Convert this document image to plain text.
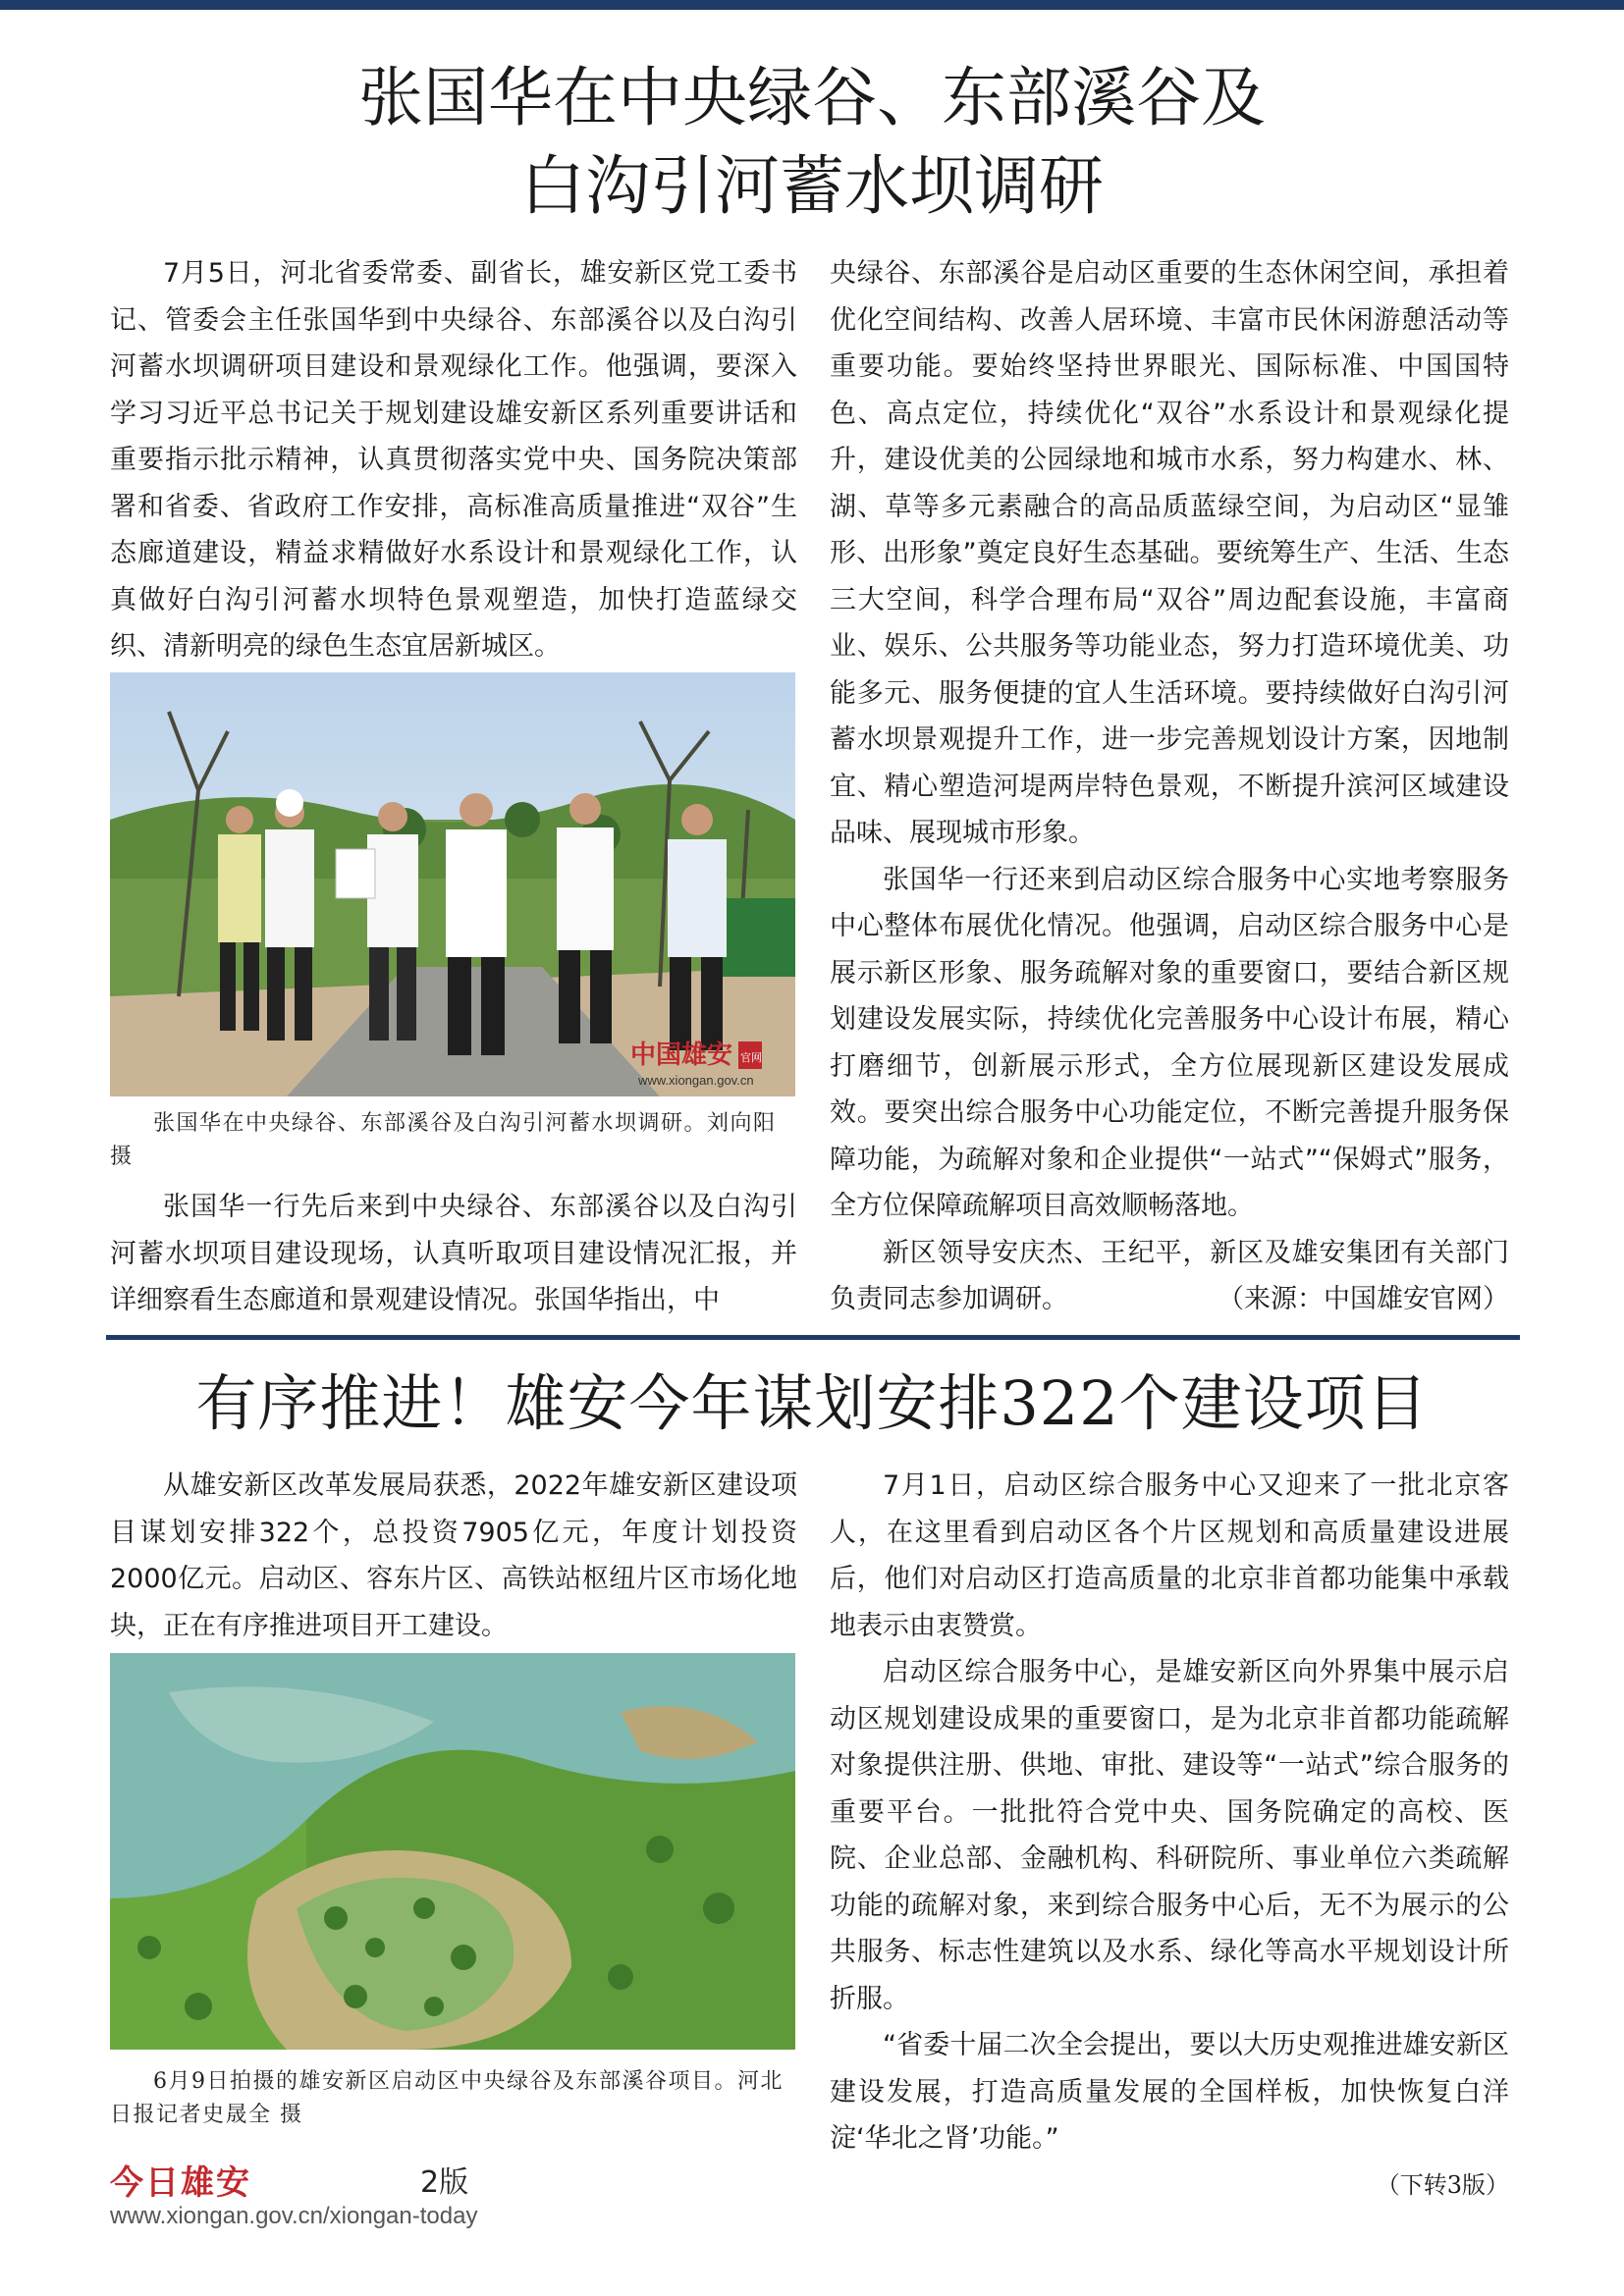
张国华在中央绿谷、东部溪谷及
白沟引河蓄水坝调研

7月5日，河北省委常委、副省长，雄安新区党工委书记、管委会主任张国华到中央绿谷、东部溪谷以及白沟引河蓄水坝调研项目建设和景观绿化工作。他强调，要深入学习习近平总书记关于规划建设雄安新区系列重要讲话和重要指示批示精神，认真贯彻落实党中央、国务院决策部署和省委、省政府工作安排，高标准高质量推进“双谷”生态廊道建设，精益求精做好水系设计和景观绿化工作，认真做好白沟引河蓄水坝特色景观塑造，加快打造蓝绿交织、清新明亮的绿色生态宜居新城区。

中国雄安 官网
www.xiongan.gov.cn
张国华在中央绿谷、东部溪谷及白沟引河蓄水坝调研。刘向阳 摄

张国华一行先后来到中央绿谷、东部溪谷以及白沟引河蓄水坝项目建设现场，认真听取项目建设情况汇报，并详细察看生态廊道和景观建设情况。张国华指出，中

央绿谷、东部溪谷是启动区重要的生态休闲空间，承担着优化空间结构、改善人居环境、丰富市民休闲游憩活动等重要功能。要始终坚持世界眼光、国际标准、中国国特色、高点定位，持续优化“双谷”水系设计和景观绿化提升，建设优美的公园绿地和城市水系，努力构建水、林、湖、草等多元素融合的高品质蓝绿空间，为启动区“显雏形、出形象”奠定良好生态基础。要统筹生产、生活、生态三大空间，科学合理布局“双谷”周边配套设施，丰富商业、娱乐、公共服务等功能业态，努力打造环境优美、功能多元、服务便捷的宜人生活环境。要持续做好白沟引河蓄水坝景观提升工作，进一步完善规划设计方案，因地制宜、精心塑造河堤两岸特色景观，不断提升滨河区域建设品味、展现城市形象。

张国华一行还来到启动区综合服务中心实地考察服务中心整体布展优化情况。他强调，启动区综合服务中心是展示新区形象、服务疏解对象的重要窗口，要结合新区规划建设发展实际，持续优化完善服务中心设计布展，精心打磨细节，创新展示形式，全方位展现新区建设发展成效。要突出综合服务中心功能定位，不断完善提升服务保障功能，为疏解对象和企业提供“一站式”“保姆式”服务，全方位保障疏解项目高效顺畅落地。

新区领导安庆杰、王纪平，新区及雄安集团有关部门负责同志参加调研。	（来源：中国雄安官网）

有序推进！雄安今年谋划安排322个建设项目

从雄安新区改革发展局获悉，2022年雄安新区建设项目谋划安排322个，总投资7905亿元，年度计划投资2000亿元。启动区、容东片区、高铁站枢纽片区市场化地块，正在有序推进项目开工建设。

6月9日拍摄的雄安新区启动区中央绿谷及东部溪谷项目。河北日报记者史晟全 摄

7月1日，启动区综合服务中心又迎来了一批北京客人，在这里看到启动区各个片区规划和高质量建设进展后，他们对启动区打造高质量的北京非首都功能集中承载地表示由衷赞赏。

启动区综合服务中心，是雄安新区向外界集中展示启动区规划建设成果的重要窗口，是为北京非首都功能疏解对象提供注册、供地、审批、建设等“一站式”综合服务的重要平台。一批批符合党中央、国务院确定的高校、医院、企业总部、金融机构、科研院所、事业单位六类疏解功能的疏解对象，来到综合服务中心后，无不为展示的公共服务、标志性建筑以及水系、绿化等高水平规划设计所折服。

“省委十届二次全会提出，要以大历史观推进雄安新区建设发展，打造高质量发展的全国样板，加快恢复白洋淀‘华北之肾’功能。”

（下转3版）
今日雄安	2版
www.xiongan.gov.cn/xiongan-today
